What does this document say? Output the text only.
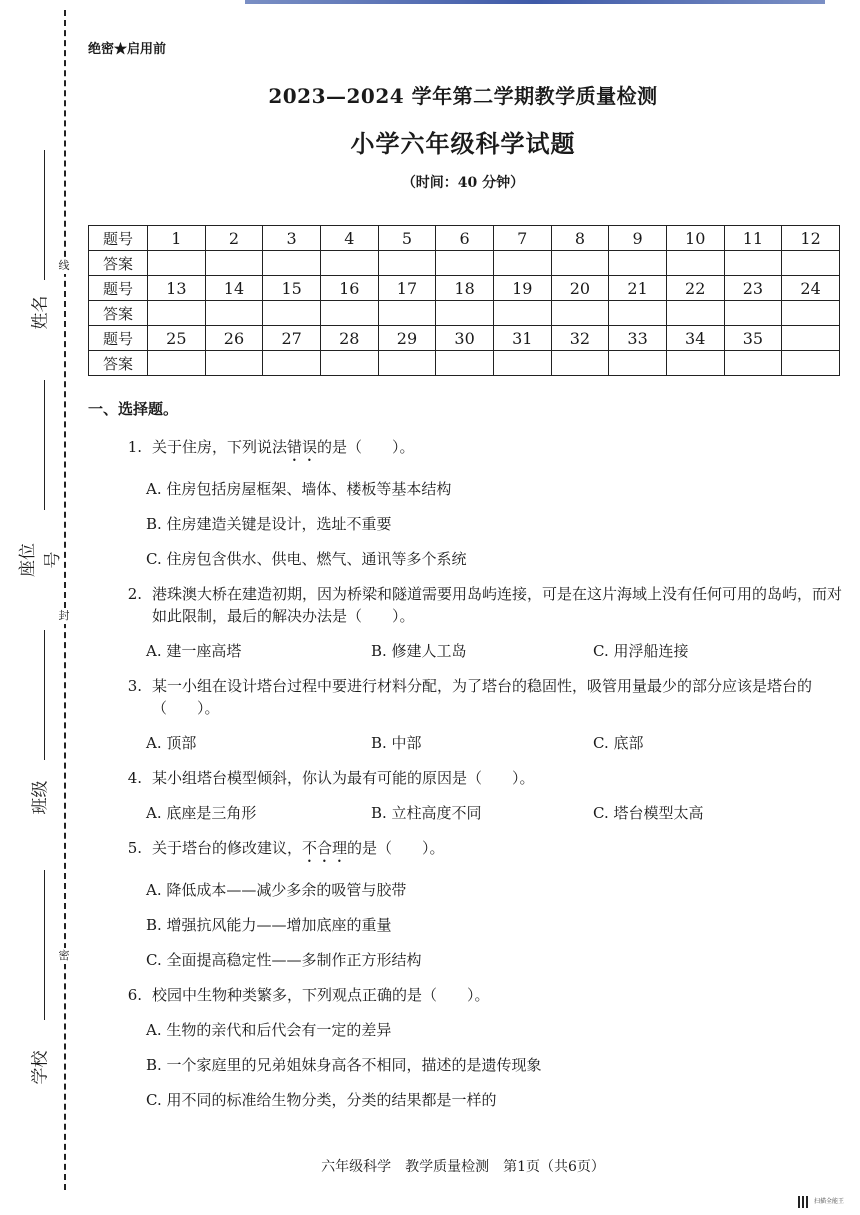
线
封
密
姓名
座位号
班级
学校
绝密★启用前
2023—2024 学年第二学期教学质量检测
小学六年级科学试题
（时间：40 分钟）
题号	1	2	3	4	5	6	7	8	9	10	11	12
答案												
题号	13	14	15	16	17	18	19	20	21	22	23	24
答案												
题号	25	26	27	28	29	30	31	32	33	34	35	
答案												
一、选择题。
1. 关于住房，下列说法错误的是（　　）。
A. 住房包括房屋框架、墙体、楼板等基本结构
B. 住房建造关键是设计，选址不重要
C. 住房包含供水、供电、燃气、通讯等多个系统
2. 港珠澳大桥在建造初期，因为桥梁和隧道需要用岛屿连接，可是在这片海域上没有任何可用的岛屿，而对如此限制，最后的解决办法是（　　）。
A. 建一座高塔	B. 修建人工岛	C. 用浮船连接
3. 某一小组在设计塔台过程中要进行材料分配，为了塔台的稳固性，吸管用量最少的部分应该是塔台的（　　）。
A. 顶部	B. 中部	C. 底部
4. 某小组塔台模型倾斜，你认为最有可能的原因是（　　）。
A. 底座是三角形	B. 立柱高度不同	C. 塔台模型太高
5. 关于塔台的修改建议，不合理的是（　　）。
A. 降低成本——减少多余的吸管与胶带
B. 增强抗风能力——增加底座的重量
C. 全面提高稳定性——多制作正方形结构
6. 校园中生物种类繁多，下列观点正确的是（　　）。
A. 生物的亲代和后代会有一定的差异
B. 一个家庭里的兄弟姐妹身高各不相同，描述的是遗传现象
C. 用不同的标准给生物分类，分类的结果都是一样的
六年级科学　教学质量检测　第1页（共6页）
扫描全能王
